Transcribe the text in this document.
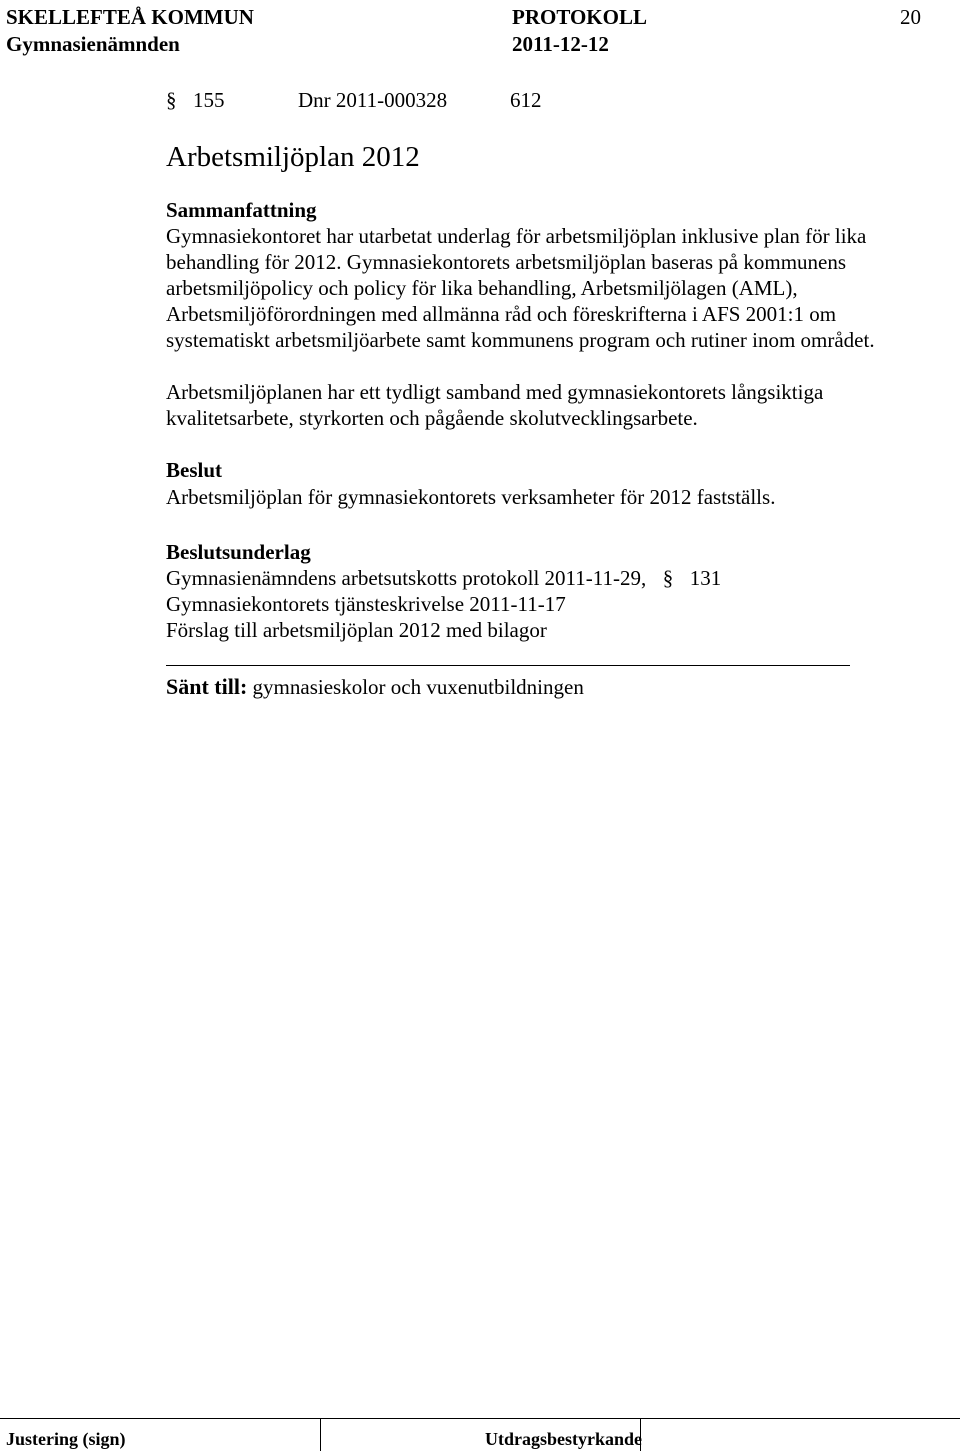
SKELLEFTEÅ KOMMUN	PROTOKOLL	20
Gymnasienämnden	2011-12-12
§ 155	Dnr 2011-000328	612
Arbetsmiljöplan 2012
Sammanfattning
Gymnasiekontoret har utarbetat underlag för arbetsmiljöplan inklusive plan för lika
behandling för 2012. Gymnasiekontorets arbetsmiljöplan baseras på kommunens
arbetsmiljöpolicy och policy för lika behandling, Arbetsmiljölagen (AML),
Arbetsmiljöförordningen med allmänna råd och föreskrifterna i AFS 2001:1 om
systematiskt arbetsmiljöarbete samt kommunens program och rutiner inom området.
Arbetsmiljöplanen har ett tydligt samband med gymnasiekontorets långsiktiga
kvalitetsarbete, styrkorten och pågående skolutvecklingsarbete.
Beslut
Arbetsmiljöplan för gymnasiekontorets verksamheter för 2012 fastställs.
Beslutsunderlag
Gymnasienämndens arbetsutskotts protokoll 2011-11-29, § 131
Gymnasiekontorets tjänsteskrivelse 2011-11-17
Förslag till arbetsmiljöplan 2012 med bilagor
Sänt till: gymnasieskolor och vuxenutbildningen
Justering (sign)	Utdragsbestyrkande
